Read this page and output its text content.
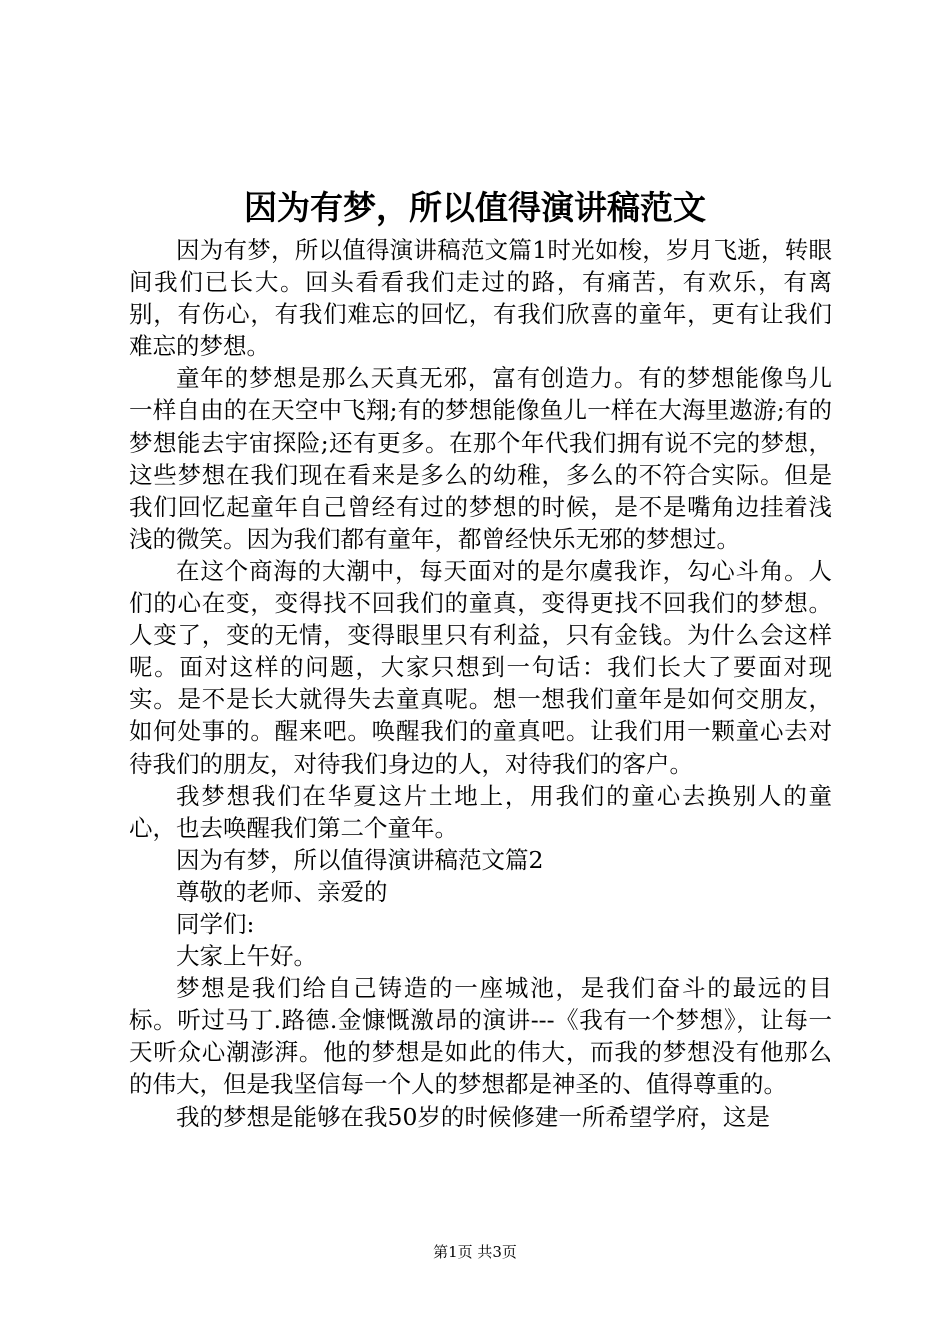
因为有梦，所以值得演讲稿范文

因为有梦，所以值得演讲稿范文篇1时光如梭，岁月飞逝，转眼间我们已长大。回头看看我们走过的路，有痛苦，有欢乐，有离别，有伤心，有我们难忘的回忆，有我们欣喜的童年，更有让我们难忘的梦想。

童年的梦想是那么天真无邪，富有创造力。有的梦想能像鸟儿一样自由的在天空中飞翔;有的梦想能像鱼儿一样在大海里遨游;有的梦想能去宇宙探险;还有更多。在那个年代我们拥有说不完的梦想，这些梦想在我们现在看来是多么的幼稚，多么的不符合实际。但是我们回忆起童年自己曾经有过的梦想的时候，是不是嘴角边挂着浅浅的微笑。因为我们都有童年，都曾经快乐无邪的梦想过。

在这个商海的大潮中，每天面对的是尔虞我诈，勾心斗角。人们的心在变，变得找不回我们的童真，变得更找不回我们的梦想。人变了，变的无情，变得眼里只有利益，只有金钱。为什么会这样呢。面对这样的问题，大家只想到一句话：我们长大了要面对现实。是不是长大就得失去童真呢。想一想我们童年是如何交朋友，如何处事的。醒来吧。唤醒我们的童真吧。让我们用一颗童心去对待我们的朋友，对待我们身边的人，对待我们的客户。

我梦想我们在华夏这片土地上，用我们的童心去换别人的童心，也去唤醒我们第二个童年。

因为有梦，所以值得演讲稿范文篇2

尊敬的老师、亲爱的

同学们:

大家上午好。

梦想是我们给自己铸造的一座城池，是我们奋斗的最远的目标。听过马丁.路德.金慷慨激昂的演讲---《我有一个梦想》，让每一天听众心潮澎湃。他的梦想是如此的伟大，而我的梦想没有他那么的伟大，但是我坚信每一个人的梦想都是神圣的、值得尊重的。

我的梦想是能够在我50岁的时候修建一所希望学府，这是

第1页 共3页
